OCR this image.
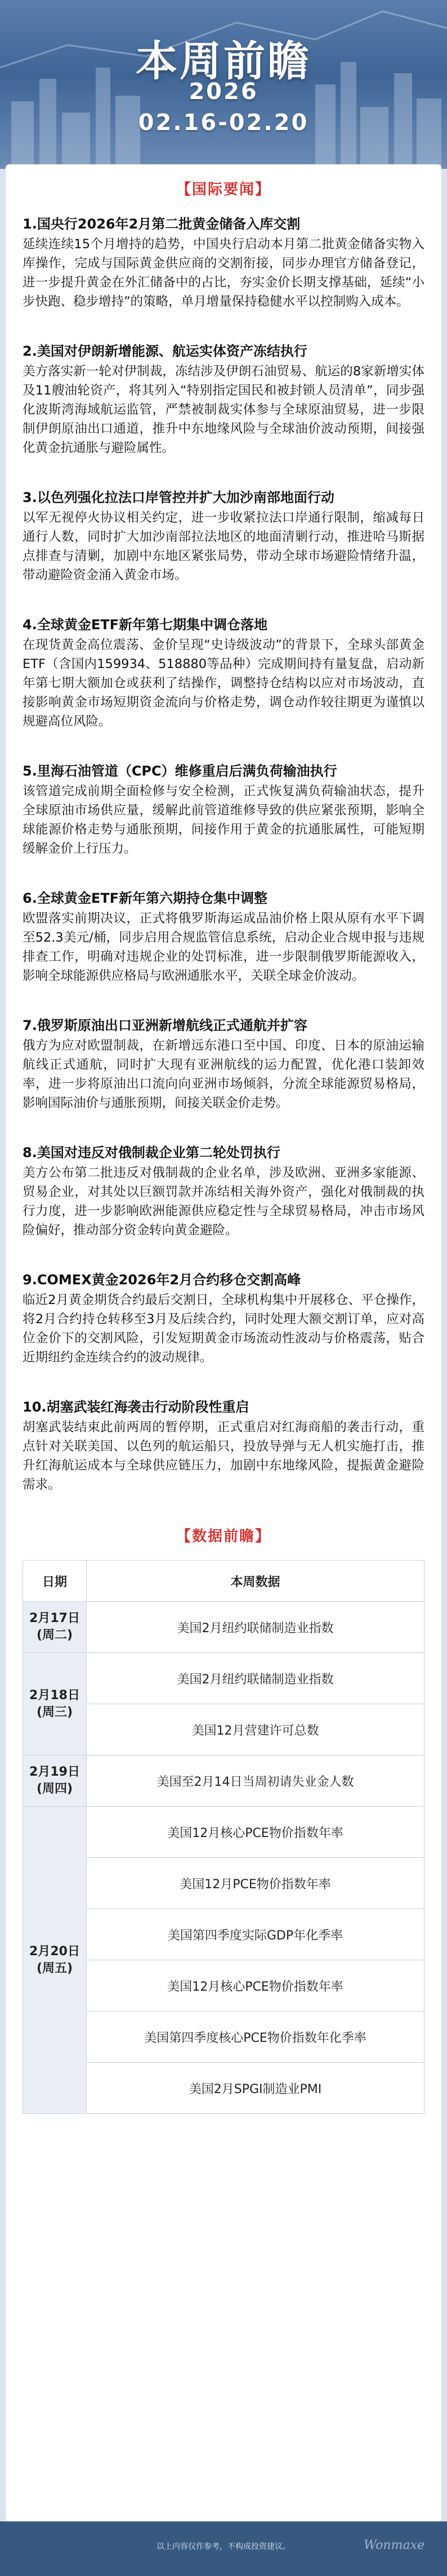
本周前瞻
2026
02.16-02.20
【国际要闻】

1.国央行2026年2月第二批黄金储备入库交割

延续连续15个月增持的趋势，中国央行启动本月第二批黄金储备实物入库操作，完成与国际黄金供应商的交割衔接，同步办理官方储备登记，进一步提升黄金在外汇储备中的占比，夯实金价长期支撑基础，延续“小步快跑、稳步增持”的策略，单月增量保持稳健水平以控制购入成本。

2.美国对伊朗新增能源、航运实体资产冻结执行

美方落实新一轮对伊制裁，冻结涉及伊朗石油贸易、航运的8家新增实体及11艘油轮资产，将其列入“特别指定国民和被封锁人员清单”，同步强化波斯湾海域航运监管，严禁被制裁实体参与全球原油贸易，进一步限制伊朗原油出口通道，推升中东地缘风险与全球油价波动预期，间接强化黄金抗通胀与避险属性。

3.以色列强化拉法口岸管控并扩大加沙南部地面行动

以军无视停火协议相关约定，进一步收紧拉法口岸通行限制，缩减每日通行人数，同时扩大加沙南部拉法地区的地面清剿行动，推进哈马斯据点排查与清剿，加剧中东地区紧张局势，带动全球市场避险情绪升温，带动避险资金涌入黄金市场。

4.全球黄金ETF新年第七期集中调仓落地

在现货黄金高位震荡、金价呈现“史诗级波动”的背景下，全球头部黄金ETF（含国内159934、518880等品种）完成期间持有量复盘，启动新年第七期大额加仓或获利了结操作，调整持仓结构以应对市场波动，直接影响黄金市场短期资金流向与价格走势，调仓动作较往期更为谨慎以规避高位风险。

5.里海石油管道（CPC）维修重启后满负荷输油执行

该管道完成前期全面检修与安全检测，正式恢复满负荷输油状态，提升全球原油市场供应量，缓解此前管道维修导致的供应紧张预期，影响全球能源价格走势与通胀预期，间接作用于黄金的抗通胀属性，可能短期缓解金价上行压力。

6.全球黄金ETF新年第六期持仓集中调整

欧盟落实前期决议，正式将俄罗斯海运成品油价格上限从原有水平下调至52.3美元/桶，同步启用合规监管信息系统，启动企业合规申报与违规排查工作，明确对违规企业的处罚标准，进一步限制俄罗斯能源收入，影响全球能源供应格局与欧洲通胀水平，关联全球金价波动。

7.俄罗斯原油出口亚洲新增航线正式通航并扩容

俄方为应对欧盟制裁，在新增远东港口至中国、印度、日本的原油运输航线正式通航，同时扩大现有亚洲航线的运力配置，优化港口装卸效率，进一步将原油出口流向向亚洲市场倾斜，分流全球能源贸易格局，影响国际油价与通胀预期，间接关联金价走势。

8.美国对违反对俄制裁企业第二轮处罚执行

美方公布第二批违反对俄制裁的企业名单，涉及欧洲、亚洲多家能源、贸易企业，对其处以巨额罚款并冻结相关海外资产，强化对俄制裁的执行力度，进一步影响欧洲能源供应稳定性与全球贸易格局，冲击市场风险偏好，推动部分资金转向黄金避险。

9.COMEX黄金2026年2月合约移仓交割高峰

临近2月黄金期货合约最后交割日，全球机构集中开展移仓、平仓操作，将2月合约持仓转移至3月及后续合约，同时处理大额交割订单，应对高位金价下的交割风险，引发短期黄金市场流动性波动与价格震荡，贴合近期纽约金连续合约的波动规律。

10.胡塞武装红海袭击行动阶段性重启

胡塞武装结束此前两周的暂停期，正式重启对红海商船的袭击行动，重点针对关联美国、以色列的航运船只，投放导弹与无人机实施打击，推升红海航运成本与全球供应链压力，加剧中东地缘风险，提振黄金避险需求。

【数据前瞻】
日期	本周数据
2月17日
(周二)	美国2月纽约联储制造业指数
2月18日
(周三)	美国2月纽约联储制造业指数
	美国12月营建许可总数
2月19日
(周四)	美国至2月14日当周初请失业金人数
2月20日
(周五)	美国12月核心PCE物价指数年率
	美国12月PCE物价指数年率
	美国第四季度实际GDP年化季率
	美国12月核心PCE物价指数年率
	美国第四季度核心PCE物价指数年化季率
	美国2月SPGI制造业PMI
以上内容仅作参考，不构成投资建议。	Wonmaxe
